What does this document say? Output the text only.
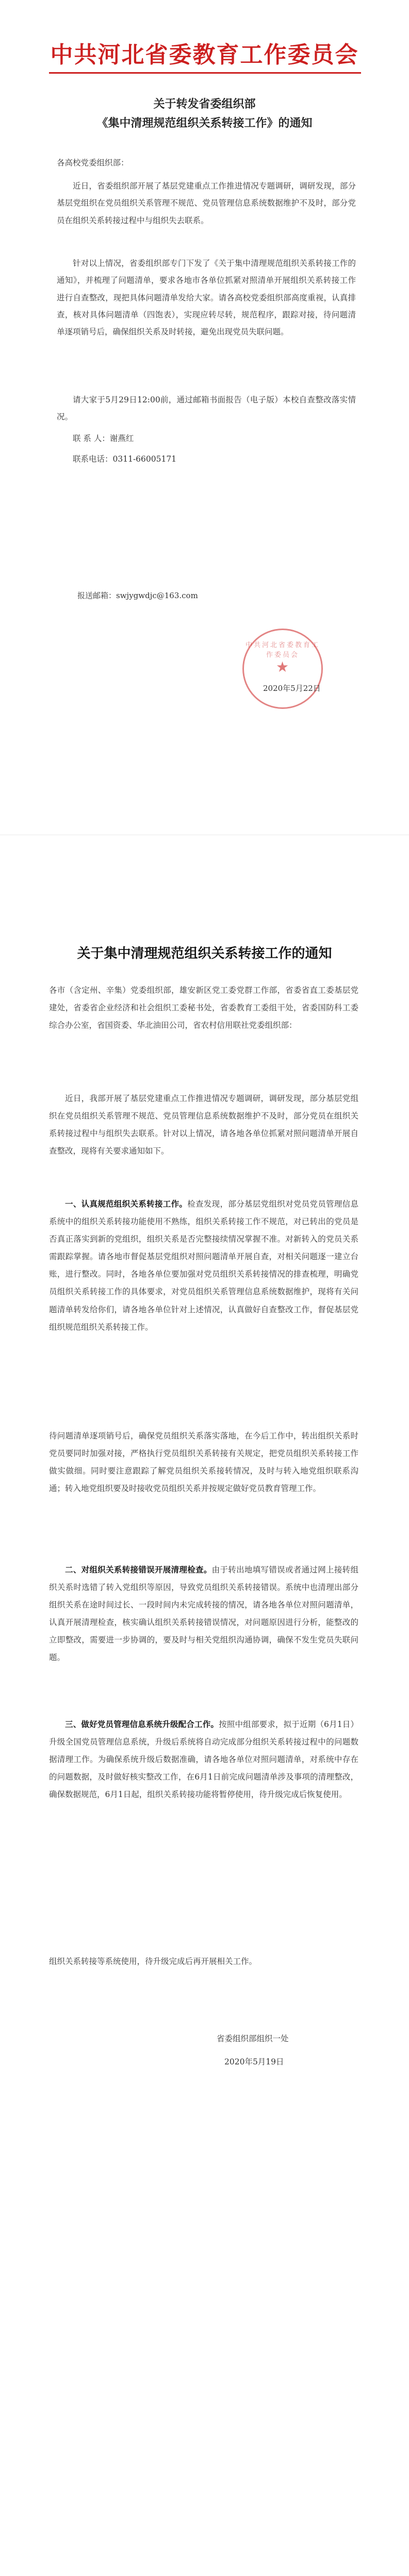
中共河北省委教育工作委员会
关于转发省委组织部
《集中清理规范组织关系转接工作》的通知
各高校党委组织部：
近日，省委组织部开展了基层党建重点工作推进情况专题调研，调研发现，部分基层党组织在党员组织关系管理不规范、党员管理信息系统数据维护不及时，部分党员在组织关系转接过程中与组织失去联系。
针对以上情况，省委组织部专门下发了《关于集中清理规范组织关系转接工作的通知》，并梳理了问题清单，要求各地市各单位抓紧对照清单开展组织关系转接工作进行自查整改，现把具体问题清单发给大家。请各高校党委组织部高度重视，认真排查，核对具体问题清单（四饱表），实现应转尽转，规范程序，跟踪对接，待问题清单逐项销号后，确保组织关系及时转接，避免出现党员失联问题。
请大家于5月29日12:00前，通过邮箱书面报告（电子版）本校自查整改落实情况。
联 系 人：谢燕红
联系电话：0311-66005171
报送邮箱：swjygwdjc@163.com
中共河北省委教育工作委员会
★
2020年5月22日
关于集中清理规范组织关系转接工作的通知
各市（含定州、辛集）党委组织部，雄安新区党工委党群工作部，省委省直工委基层党建处，省委省企业经济和社会组织工委秘书处，省委教育工委组干处，省委国防科工委综合办公室，省国资委、华北油田公司，省农村信用联社党委组织部：
近日，我部开展了基层党建重点工作推进情况专题调研，调研发现，部分基层党组织在党员组织关系管理不规范、党员管理信息系统数据维护不及时，部分党员在组织关系转接过程中与组织失去联系。针对以上情况，请各地各单位抓紧对照问题清单开展自查整改，现将有关要求通知如下。
一、认真规范组织关系转接工作。检查发现，部分基层党组织对党员党员管理信息系统中的组织关系转接功能使用不熟练，组织关系转接工作不规范，对已转出的党员是否真正落实到新的党组织，组织关系是否完整接续情况掌握不准。对新转入的党员关系需跟踪掌握。请各地市督促基层党组织对照问题清单开展自查，对相关问题逐一建立台账，进行整改。同时，各地各单位要加强对党员组织关系转接情况的排查梳理，明确党员组织关系转接工作的具体要求，对党员组织关系管理信息系统数据维护，现将有关问题清单转发给你们，请各地各单位针对上述情况，认真做好自查整改工作，督促基层党组织规范组织关系转接工作。
待问题清单逐项销号后，确保党员组织关系落实落地，在今后工作中，转出组织关系时党员要同时加强对接，严格执行党员组织关系转接有关规定，把党员组织关系转接工作做实做细。同时要注意跟踪了解党员组织关系接转情况，及时与转入地党组织联系沟通；转入地党组织要及时接收党员组织关系并按规定做好党员教育管理工作。
二、对组织关系转接错误开展清理检查。由于转出地填写错误或者通过网上接转组织关系时选错了转入党组织等原因，导致党员组织关系转接错误。系统中也清理出部分组织关系在途时间过长、一段时间内未完成转接的情况，请各地各单位对照问题清单，认真开展清理检查，核实确认组织关系转接错误情况，对问题原因进行分析，能整改的立即整改，需要进一步协调的，要及时与相关党组织沟通协调，确保不发生党员失联问题。
三、做好党员管理信息系统升级配合工作。按照中组部要求，拟于近期（6月1日）升级全国党员管理信息系统，升级后系统将自动完成部分组织关系转接过程中的问题数据清理工作。为确保系统升级后数据准确，请各地各单位对照问题清单，对系统中存在的问题数据，及时做好核实整改工作，在6月1日前完成问题清单涉及事项的清理整改，确保数据规范，6月1日起，组织关系转接功能将暂停使用，待升级完成后恢复使用。
组织关系转接等系统使用，待升级完成后再开展相关工作。
省委组织部组织一处
2020年5月19日
